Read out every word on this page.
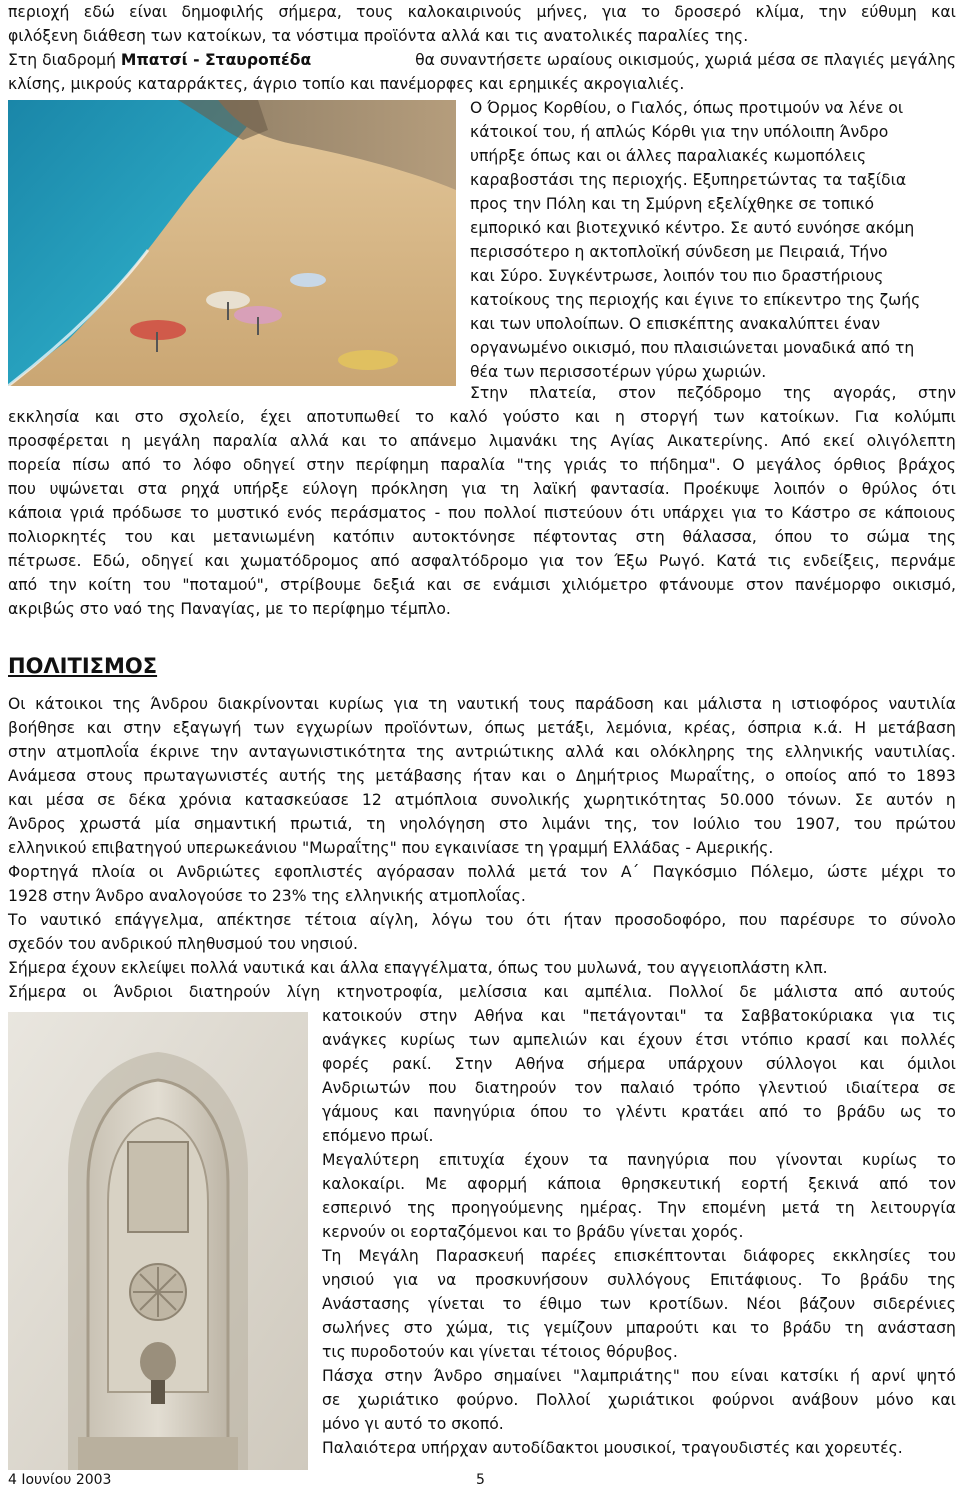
περιοχή εδώ είναι δημοφιλής σήμερα, τους καλοκαιρινούς μήνες, για το δροσερό κλίμα, την εύθυμη και
φιλόξενη διάθεση των κατοίκων, τα νόστιμα προϊόντα αλλά και τις ανατολικές παραλίες της.
Στη διαδρομή Μπατσί - Σταυροπέδα	θα συναντήσετε ωραίους οικισμούς, χωριά μέσα σε πλαγιές μεγάλης
κλίσης, μικρούς καταρράκτες, άγριο τοπίο και πανέμορφες και ερημικές ακρογιαλιές.
Ο Όρμος Κορθίου, ο Γιαλός, όπως προτιμούν να λένε οι
κάτοικοί του, ή απλώς Κόρθι για την υπόλοιπη Άνδρο
υπήρξε όπως και οι άλλες παραλιακές κωμοπόλεις
καραβοστάσι της περιοχής. Εξυπηρετώντας τα ταξίδια
προς την Πόλη και τη Σμύρνη εξελίχθηκε σε τοπικό
εμπορικό και βιοτεχνικό κέντρο. Σε αυτό ευνόησε ακόμη
περισσότερο η ακτοπλοϊκή σύνδεση με Πειραιά, Τήνο
και Σύρο. Συγκέντρωσε, λοιπόν του πιο δραστήριους
κατοίκους της περιοχής και έγινε το επίκεντρο της ζωής
και των υπολοίπων. Ο επισκέπτης ανακαλύπτει έναν
οργανωμένο οικισμό, που πλαισιώνεται μοναδικά από τη
θέα των περισσοτέρων γύρω χωριών.
Στην πλατεία, στον πεζόδρομο της αγοράς, στην
εκκλησία και στο σχολείο, έχει αποτυπωθεί το καλό γούστο και η στοργή των κατοίκων. Για κολύμπι
προσφέρεται η μεγάλη παραλία αλλά και το απάνεμο λιμανάκι της Αγίας Αικατερίνης. Από εκεί ολιγόλεπτη
πορεία πίσω από το λόφο οδηγεί στην περίφημη παραλία "της γριάς το πήδημα". Ο μεγάλος όρθιος βράχος
που υψώνεται στα ρηχά υπήρξε εύλογη πρόκληση για τη λαϊκή φαντασία. Προέκυψε λοιπόν ο θρύλος ότι
κάποια γριά πρόδωσε το μυστικό ενός περάσματος - που πολλοί πιστεύουν ότι υπάρχει για το Κάστρο σε κάποιους
πολιορκητές του και μετανιωμένη κατόπιν αυτοκτόνησε πέφτοντας στη θάλασσα, όπου το σώμα της
πέτρωσε. Εδώ, οδηγεί και χωματόδρομος από ασφαλτόδρομο για τον Έξω Ρωγό. Κατά τις ενδείξεις, περνάμε
από την κοίτη του "ποταμού", στρίβουμε δεξιά και σε ενάμισι χιλιόμετρο φτάνουμε στον πανέμορφο οικισμό,
ακριβώς στο ναό της Παναγίας, με το περίφημο τέμπλο.
ΠΟΛΙΤΙΣΜΟΣ
Οι κάτοικοι της Άνδρου διακρίνονται κυρίως για τη ναυτική τους παράδοση και μάλιστα η ιστιοφόρος ναυτιλία
βοήθησε και στην εξαγωγή των εγχωρίων προϊόντων, όπως μετάξι, λεμόνια, κρέας, όσπρια κ.ά. Η μετάβαση
στην ατμοπλοΐα έκρινε την ανταγωνιστικότητα της αντριώτικης αλλά και ολόκληρης της ελληνικής ναυτιλίας.
Ανάμεσα στους πρωταγωνιστές αυτής της μετάβασης ήταν και ο Δημήτριος Μωραΐτης, ο οποίος από το 1893
και μέσα σε δέκα χρόνια κατασκεύασε 12 ατμόπλοια συνολικής χωρητικότητας 50.000 τόνων. Σε αυτόν η
Άνδρος χρωστά μία σημαντική πρωτιά, τη νηολόγηση στο λιμάνι της, τον Ιούλιο του 1907, του πρώτου
ελληνικού επιβατηγού υπερωκεάνιου "Μωραΐτης" που εγκαινίασε τη γραμμή Ελλάδας - Αμερικής.
Φορτηγά πλοία οι Ανδριώτες εφοπλιστές αγόρασαν πολλά μετά τον Α΄ Παγκόσμιο Πόλεμο, ώστε μέχρι το
1928 στην Άνδρο αναλογούσε το 23% της ελληνικής ατμοπλοΐας.
Το ναυτικό επάγγελμα, απέκτησε τέτοια αίγλη, λόγω του ότι ήταν προσοδοφόρο, που παρέσυρε το σύνολο
σχεδόν του ανδρικού πληθυσμού του νησιού.
Σήμερα έχουν εκλείψει πολλά ναυτικά και άλλα επαγγέλματα, όπως του μυλωνά, του αγγειοπλάστη κλπ.
Σήμερα οι Άνδριοι διατηρούν λίγη κτηνοτροφία, μελίσσια και αμπέλια. Πολλοί δε μάλιστα από αυτούς
κατοικούν στην Αθήνα και "πετάγονται" τα Σαββατοκύριακα για τις
ανάγκες κυρίως των αμπελιών και έχουν έτσι ντόπιο κρασί και πολλές
φορές ρακί. Στην Αθήνα σήμερα υπάρχουν σύλλογοι και όμιλοι
Ανδριωτών που διατηρούν τον παλαιό τρόπο γλεντιού ιδιαίτερα σε
γάμους και πανηγύρια όπου το γλέντι κρατάει από το βράδυ ως το
επόμενο πρωί.
Μεγαλύτερη επιτυχία έχουν τα πανηγύρια που γίνονται κυρίως το
καλοκαίρι. Με αφορμή κάποια θρησκευτική εορτή ξεκινά από τον
εσπερινό της προηγούμενης ημέρας. Την επομένη μετά τη λειτουργία
κερνούν οι εορταζόμενοι και το βράδυ γίνεται χορός.
Τη Μεγάλη Παρασκευή παρέες επισκέπτονται διάφορες εκκλησίες του
νησιού για να προσκυνήσουν συλλόγους Επιτάφιους. Το βράδυ της
Ανάστασης γίνεται το έθιμο των κροτίδων. Νέοι βάζουν σιδερένιες
σωλήνες στο χώμα, τις γεμίζουν μπαρούτι και το βράδυ τη ανάσταση
τις πυροδοτούν και γίνεται τέτοιος θόρυβος.
Πάσχα στην Άνδρο σημαίνει "λαμπριάτης" που είναι κατσίκι ή αρνί ψητό
σε χωριάτικο φούρνο. Πολλοί χωριάτικοι φούρνοι ανάβουν μόνο και
μόνο γι αυτό το σκοπό.
Παλαιότερα υπήρχαν αυτοδίδακτοι μουσικοί, τραγουδιστές και χορευτές.
4 Ιουνίου 2003	5
